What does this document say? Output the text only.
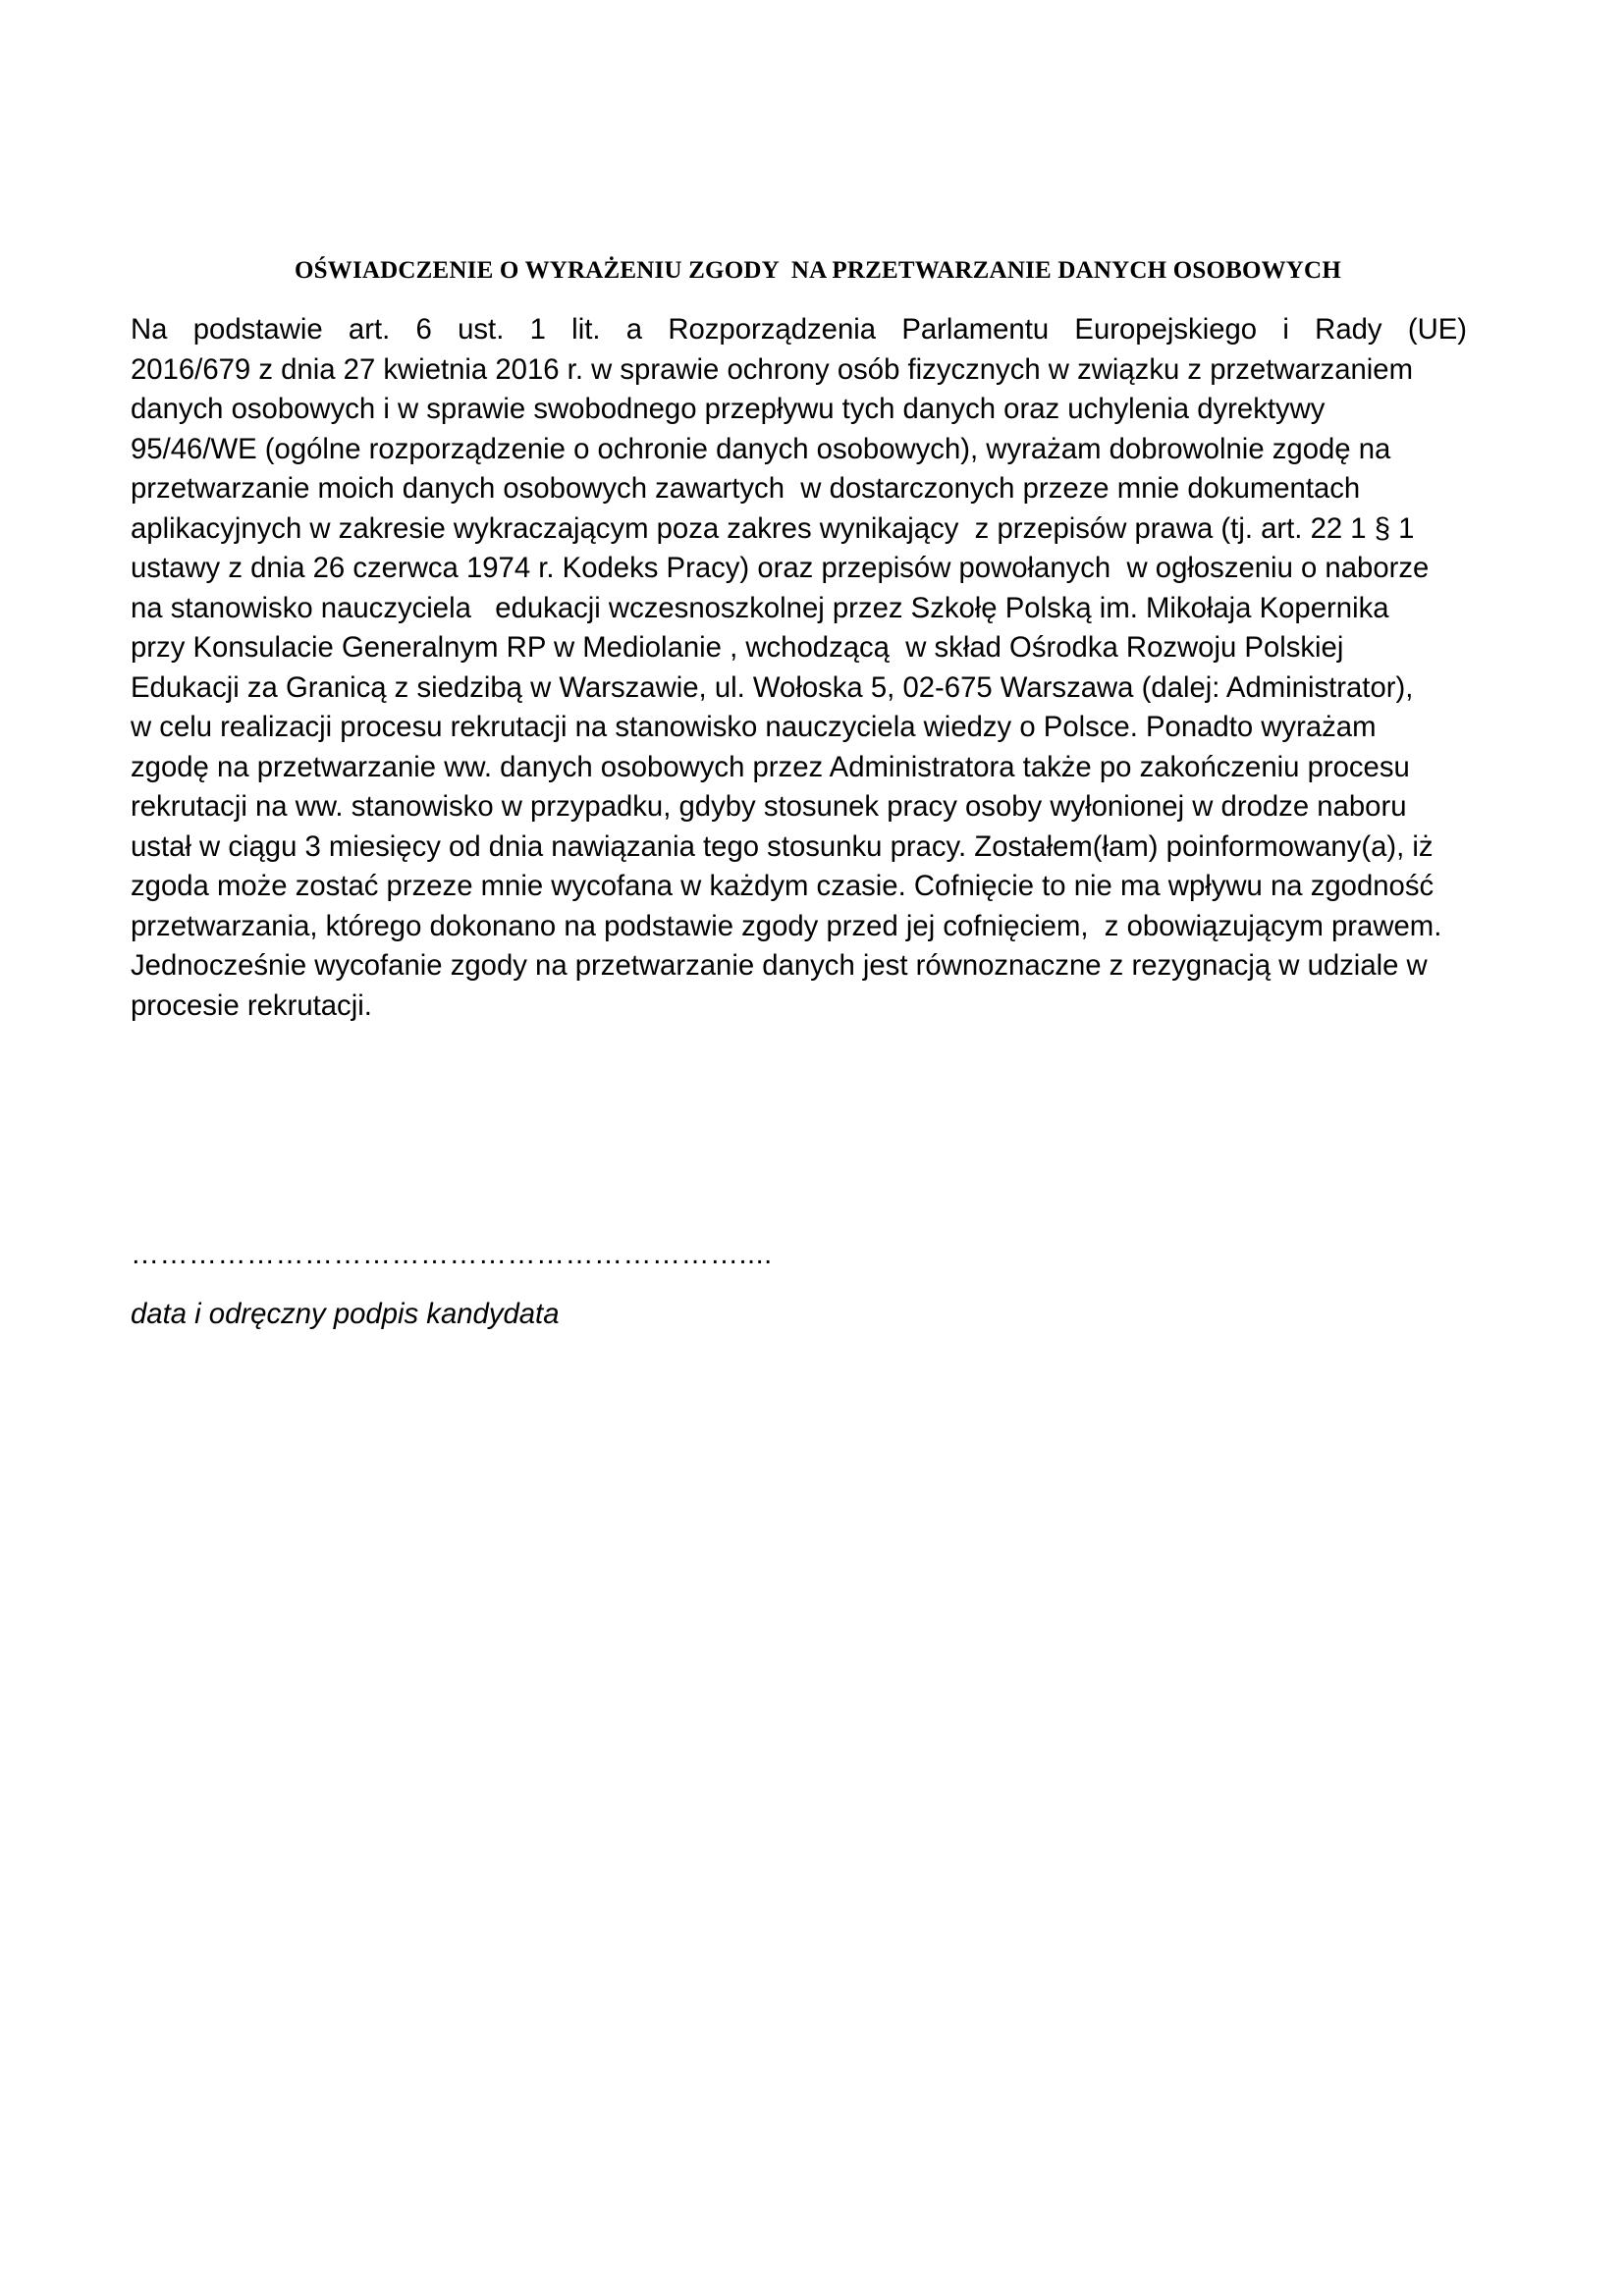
OŚWIADCZENIE O WYRAŻENIU ZGODY  NA PRZETWARZANIE DANYCH OSOBOWYCH
Na  podstawie  art.  6  ust.  1  lit.  a  Rozporządzenia  Parlamentu  Europejskiego  i  Rady  (UE)
2016/679 z dnia 27 kwietnia 2016 r. w sprawie ochrony osób fizycznych w związku z przetwarzaniem
danych osobowych i w sprawie swobodnego przepływu tych danych oraz uchylenia dyrektywy
95/46/WE (ogólne rozporządzenie o ochronie danych osobowych), wyrażam dobrowolnie zgodę na
przetwarzanie moich danych osobowych zawartych  w dostarczonych przeze mnie dokumentach
aplikacyjnych w zakresie wykraczającym poza zakres wynikający  z przepisów prawa (tj. art. 22 1 § 1
ustawy z dnia 26 czerwca 1974 r. Kodeks Pracy) oraz przepisów powołanych  w ogłoszeniu o naborze
na stanowisko nauczyciela   edukacji wczesnoszkolnej przez Szkołę Polską im. Mikołaja Kopernika
przy Konsulacie Generalnym RP w Mediolanie , wchodzącą  w skład Ośrodka Rozwoju Polskiej
Edukacji za Granicą z siedzibą w Warszawie, ul. Wołoska 5, 02-675 Warszawa (dalej: Administrator),
w celu realizacji procesu rekrutacji na stanowisko nauczyciela wiedzy o Polsce. Ponadto wyrażam
zgodę na przetwarzanie ww. danych osobowych przez Administratora także po zakończeniu procesu
rekrutacji na ww. stanowisko w przypadku, gdyby stosunek pracy osoby wyłonionej w drodze naboru
ustał w ciągu 3 miesięcy od dnia nawiązania tego stosunku pracy. Zostałem(łam) poinformowany(a), iż
zgoda może zostać przeze mnie wycofana w każdym czasie. Cofnięcie to nie ma wpływu na zgodność
przetwarzania, którego dokonano na podstawie zgody przed jej cofnięciem,  z obowiązującym prawem.
Jednocześnie wycofanie zgody na przetwarzanie danych jest równoznaczne z rezygnacją w udziale w
procesie rekrutacji.

………………………………………………………....

data i odręczny podpis kandydata
